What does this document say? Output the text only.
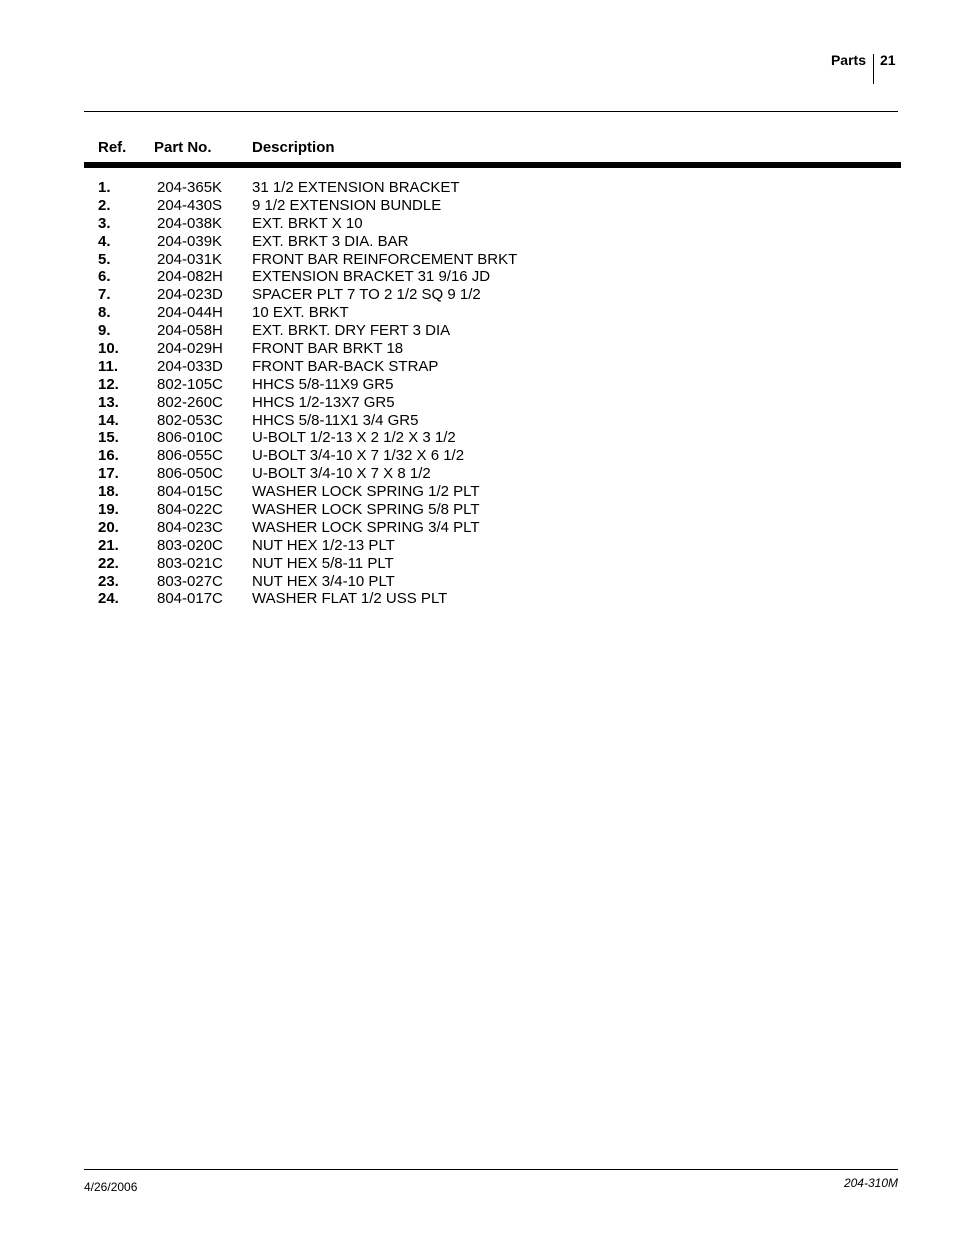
Parts 21
Ref. Part No.	Description
1.	204-365K 31 1/2 EXTENSION BRACKET
2.	204-430S 9 1/2 EXTENSION BUNDLE
3.	204-038K EXT. BRKT X 10
4.	204-039K EXT. BRKT 3 DIA. BAR
5.	204-031K FRONT BAR REINFORCEMENT BRKT
6.	204-082H EXTENSION BRACKET 31 9/16 JD
7.	204-023D SPACER PLT 7 TO 2 1/2 SQ 9 1/2
8.	204-044H 10 EXT. BRKT
9.	204-058H EXT. BRKT. DRY FERT 3 DIA
10.	204-029H FRONT BAR BRKT 18
11.	204-033D FRONT BAR-BACK STRAP
12.	802-105C HHCS 5/8-11X9 GR5
13.	802-260C HHCS 1/2-13X7 GR5
14.	802-053C HHCS 5/8-11X1 3/4 GR5
15.	806-010C U-BOLT 1/2-13 X 2 1/2 X 3 1/2
16.	806-055C U-BOLT 3/4-10 X 7 1/32 X 6 1/2
17.	806-050C U-BOLT 3/4-10 X 7 X 8 1/2
18.	804-015C WASHER LOCK SPRING 1/2 PLT
19.	804-022C WASHER LOCK SPRING 5/8 PLT
20.	804-023C WASHER LOCK SPRING 3/4 PLT
21.	803-020C NUT HEX 1/2-13 PLT
22.	803-021C NUT HEX 5/8-11 PLT
23.	803-027C NUT HEX 3/4-10 PLT
24.	804-017C WASHER FLAT 1/2 USS PLT
4/26/2006	204-310M
